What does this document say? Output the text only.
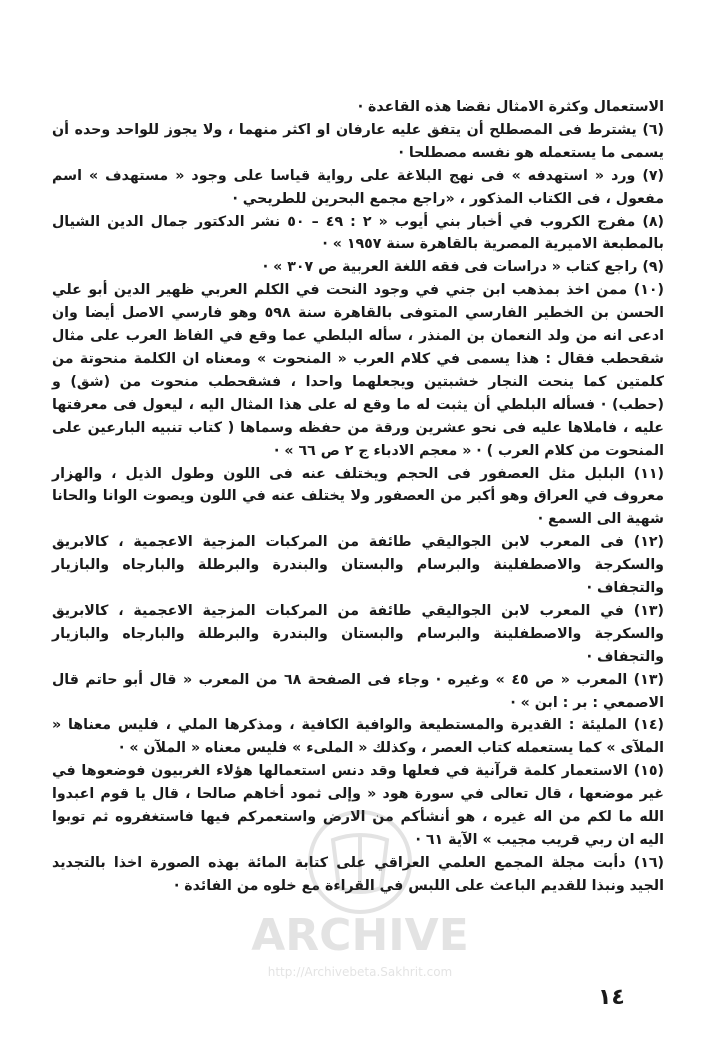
الاستعمال وكثرة الامثال نقضا هذه القاعدة ·

(٦) يشترط فى المصطلح أن يتفق عليه عارفان او اكثر منهما ، ولا يجوز للواحد وحده أن يسمى ما يستعمله هو نفسه مصطلحا ·

(٧) ورد « استهدفه » فى نهج البلاغة على رواية قياسا على وجود « مستهدف » اسم مفعول ، فى الكتاب المذكور ، «راجع مجمع البحرين للطريحي ·

(٨) مفرج الكروب في أخبار بني أيوب « ٢ : ٤٩ – ٥٠ نشر الدكتور جمال الدين الشيال بالمطبعة الاميرية المصرية بالقاهرة سنة ١٩٥٧ » ·

(٩) راجع كتاب « دراسات فى فقه اللغة العربية ص ٣٠٧ » ·

(١٠) ممن اخذ بمذهب ابن جني في وجود النحت في الكلم العربي ظهير الدين أبو علي الحسن بن الخطير الفارسي المتوفى بالقاهرة سنة ٥٩٨ وهو فارسي الاصل أيضا وان ادعى انه من ولد النعمان بن المنذر ، سأله البلطي عما وقع في الفاظ العرب على مثال شقحطب فقال : هذا يسمى في كلام العرب « المنحوت » ومعناه ان الكلمة منحوتة من كلمتين كما ينحت النجار خشبتين ويجعلهما واحدا ، فشقحطب منحوت من (شق) و (حطب) · فسأله البلطي أن يثبت له ما وقع له على هذا المثال اليه ، ليعول فى معرفتها عليه ، فاملاها عليه فى نحو عشرين ورقة من حفظه وسماها ( كتاب تنبيه البارعين على المنحوت من كلام العرب ) · « معجم الادباء ج ٢ ص ٦٦ » ·

(١١) البلبل مثل العصفور فى الحجم ويختلف عنه فى اللون وطول الذيل ، والهزار معروف في العراق وهو أكبر من العصفور ولا يختلف عنه في اللون ويصوت الوانا والحانا شهية الى السمع ·

(١٢) فى المعرب لابن الجواليقي طائفة من المركبات المزجية الاعجمية ، كالابريق والسكرجة والاصطفلينة والبرسام والبستان والبندرة والبرطلة والبارجاه والبازيار والتجفاف ·

(١٣) في المعرب لابن الجواليقي طائفة من المركبات المزجية الاعجمية ، كالابريق والسكرجة والاصطفلينة والبرسام والبستان والبندرة والبرطلة والبارجاه والبازيار والتجفاف ·

(١٣) المعرب « ص ٤٥ » وغيره · وجاء فى الصفحة ٦٨ من المعرب « قال أبو حاتم قال الاصمعي : بر : ابن » ·

(١٤) المليئة : القديرة والمستطيعة والوافية الكافية ، ومذكرها الملي ، فليس معناها « الملآى » كما يستعمله كتاب العصر ، وكذلك « الملىء » فليس معناه « الملآن » ·

(١٥) الاستعمار كلمة قرآنية في فعلها وقد دنس استعمالها هؤلاء الغربيون فوضعوها في غير موضعها ، قال تعالى في سورة هود « وإلى ثمود أخاهم صالحا ، قال يا قوم اعبدوا الله ما لكم من اله غيره ، هو أنشأكم من الارض واستعمركم فيها فاستغفروه ثم توبوا اليه ان ربي قريب مجيب » الآية ٦١ ·

(١٦) دأبت مجلة المجمع العلمي العراقي على كتابة المائة بهذه الصورة اخذا بالتجديد الجيد ونبذا للقديم الباعث على اللبس في القراءة مع خلوه من الفائدة ·

ARCHIVE
http://Archivebeta.Sakhrit.com
١٤
